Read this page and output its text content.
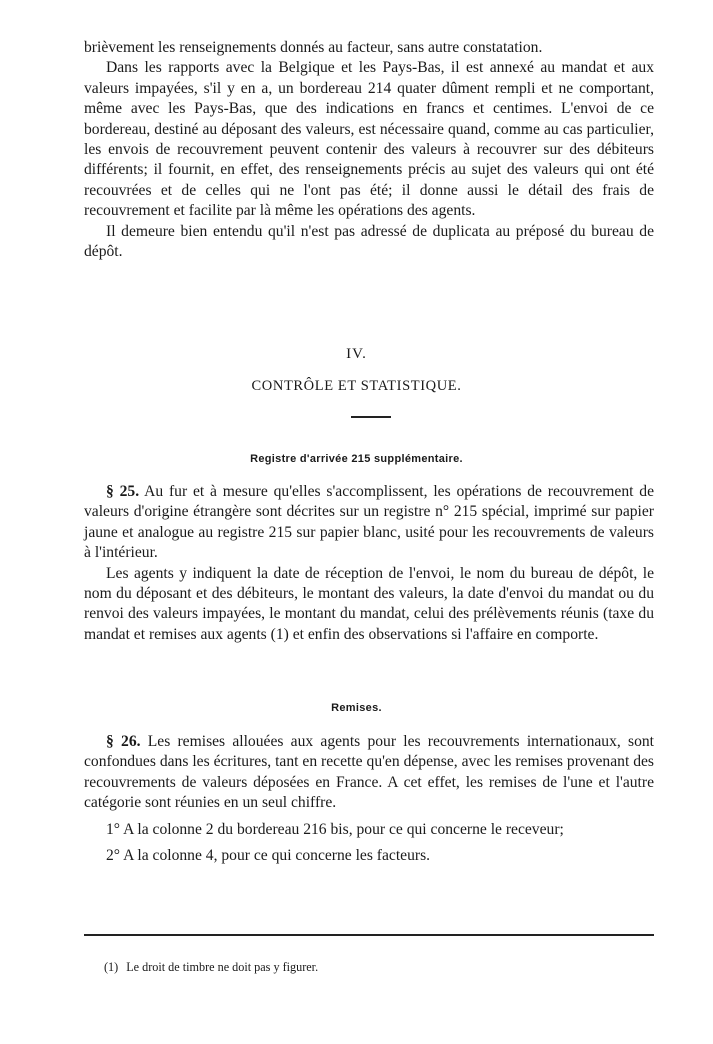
brièvement les renseignements donnés au facteur, sans autre constatation.

Dans les rapports avec la Belgique et les Pays-Bas, il est annexé au mandat et aux valeurs impayées, s'il y en a, un bordereau 214 quater dûment rempli et ne comportant, même avec les Pays-Bas, que des indications en francs et centimes. L'envoi de ce bordereau, destiné au déposant des valeurs, est nécessaire quand, comme au cas particulier, les envois de recouvrement peuvent contenir des valeurs à recouvrer sur des débiteurs différents; il fournit, en effet, des renseignements précis au sujet des valeurs qui ont été recouvrées et de celles qui ne l'ont pas été; il donne aussi le détail des frais de recouvrement et facilite par là même les opérations des agents.

Il demeure bien entendu qu'il n'est pas adressé de duplicata au préposé du bureau de dépôt.

IV.
CONTRÔLE ET STATISTIQUE.
Registre d'arrivée 215 supplémentaire.

§ 25. Au fur et à mesure qu'elles s'accomplissent, les opérations de recouvrement de valeurs d'origine étrangère sont décrites sur un registre n° 215 spécial, imprimé sur papier jaune et analogue au registre 215 sur papier blanc, usité pour les recouvrements de valeurs à l'intérieur.

Les agents y indiquent la date de réception de l'envoi, le nom du bureau de dépôt, le nom du déposant et des débiteurs, le montant des valeurs, la date d'envoi du mandat ou du renvoi des valeurs impayées, le montant du mandat, celui des prélèvements réunis (taxe du mandat et remises aux agents (1) et enfin des observations si l'affaire en comporte.

Remises.

§ 26. Les remises allouées aux agents pour les recouvrements internationaux, sont confondues dans les écritures, tant en recette qu'en dépense, avec les remises provenant des recouvrements de valeurs déposées en France. A cet effet, les remises de l'une et l'autre catégorie sont réunies en un seul chiffre.

1° A la colonne 2 du bordereau 216 bis, pour ce qui concerne le receveur;

2° A la colonne 4, pour ce qui concerne les facteurs.

(1) Le droit de timbre ne doit pas y figurer.
